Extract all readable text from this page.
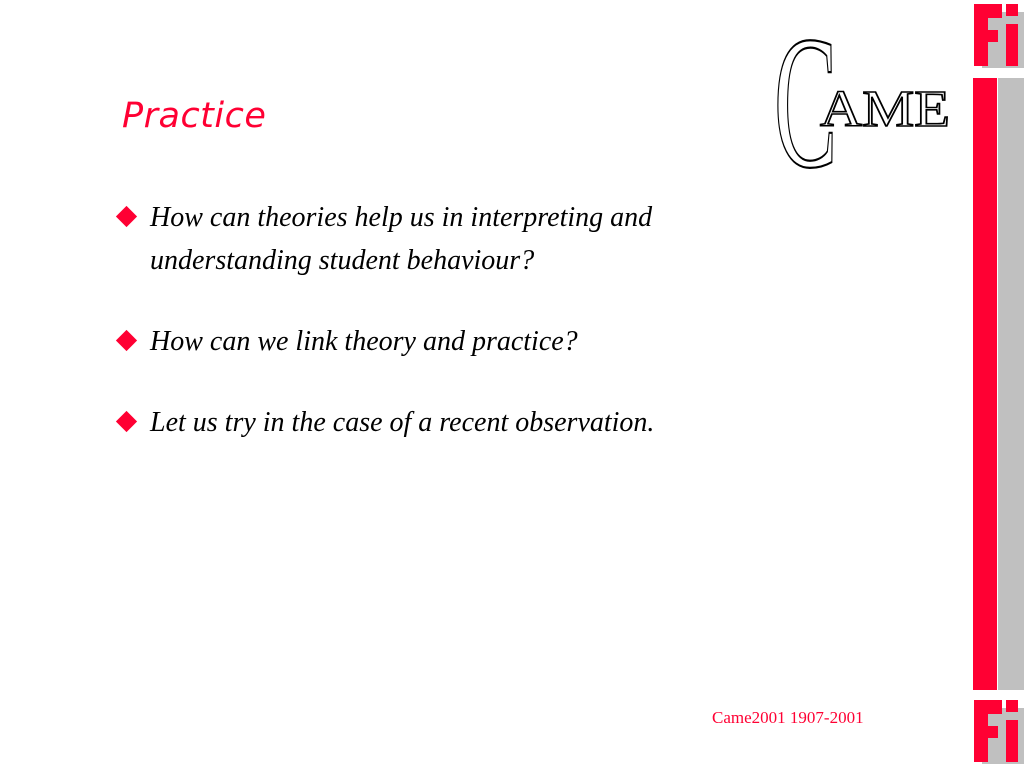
Practice
How can theories help us in interpreting and understanding student behaviour?
How can we link theory and practice?
Let us try in the case of a recent observation.
C
AME
Came2001 1907-2001
